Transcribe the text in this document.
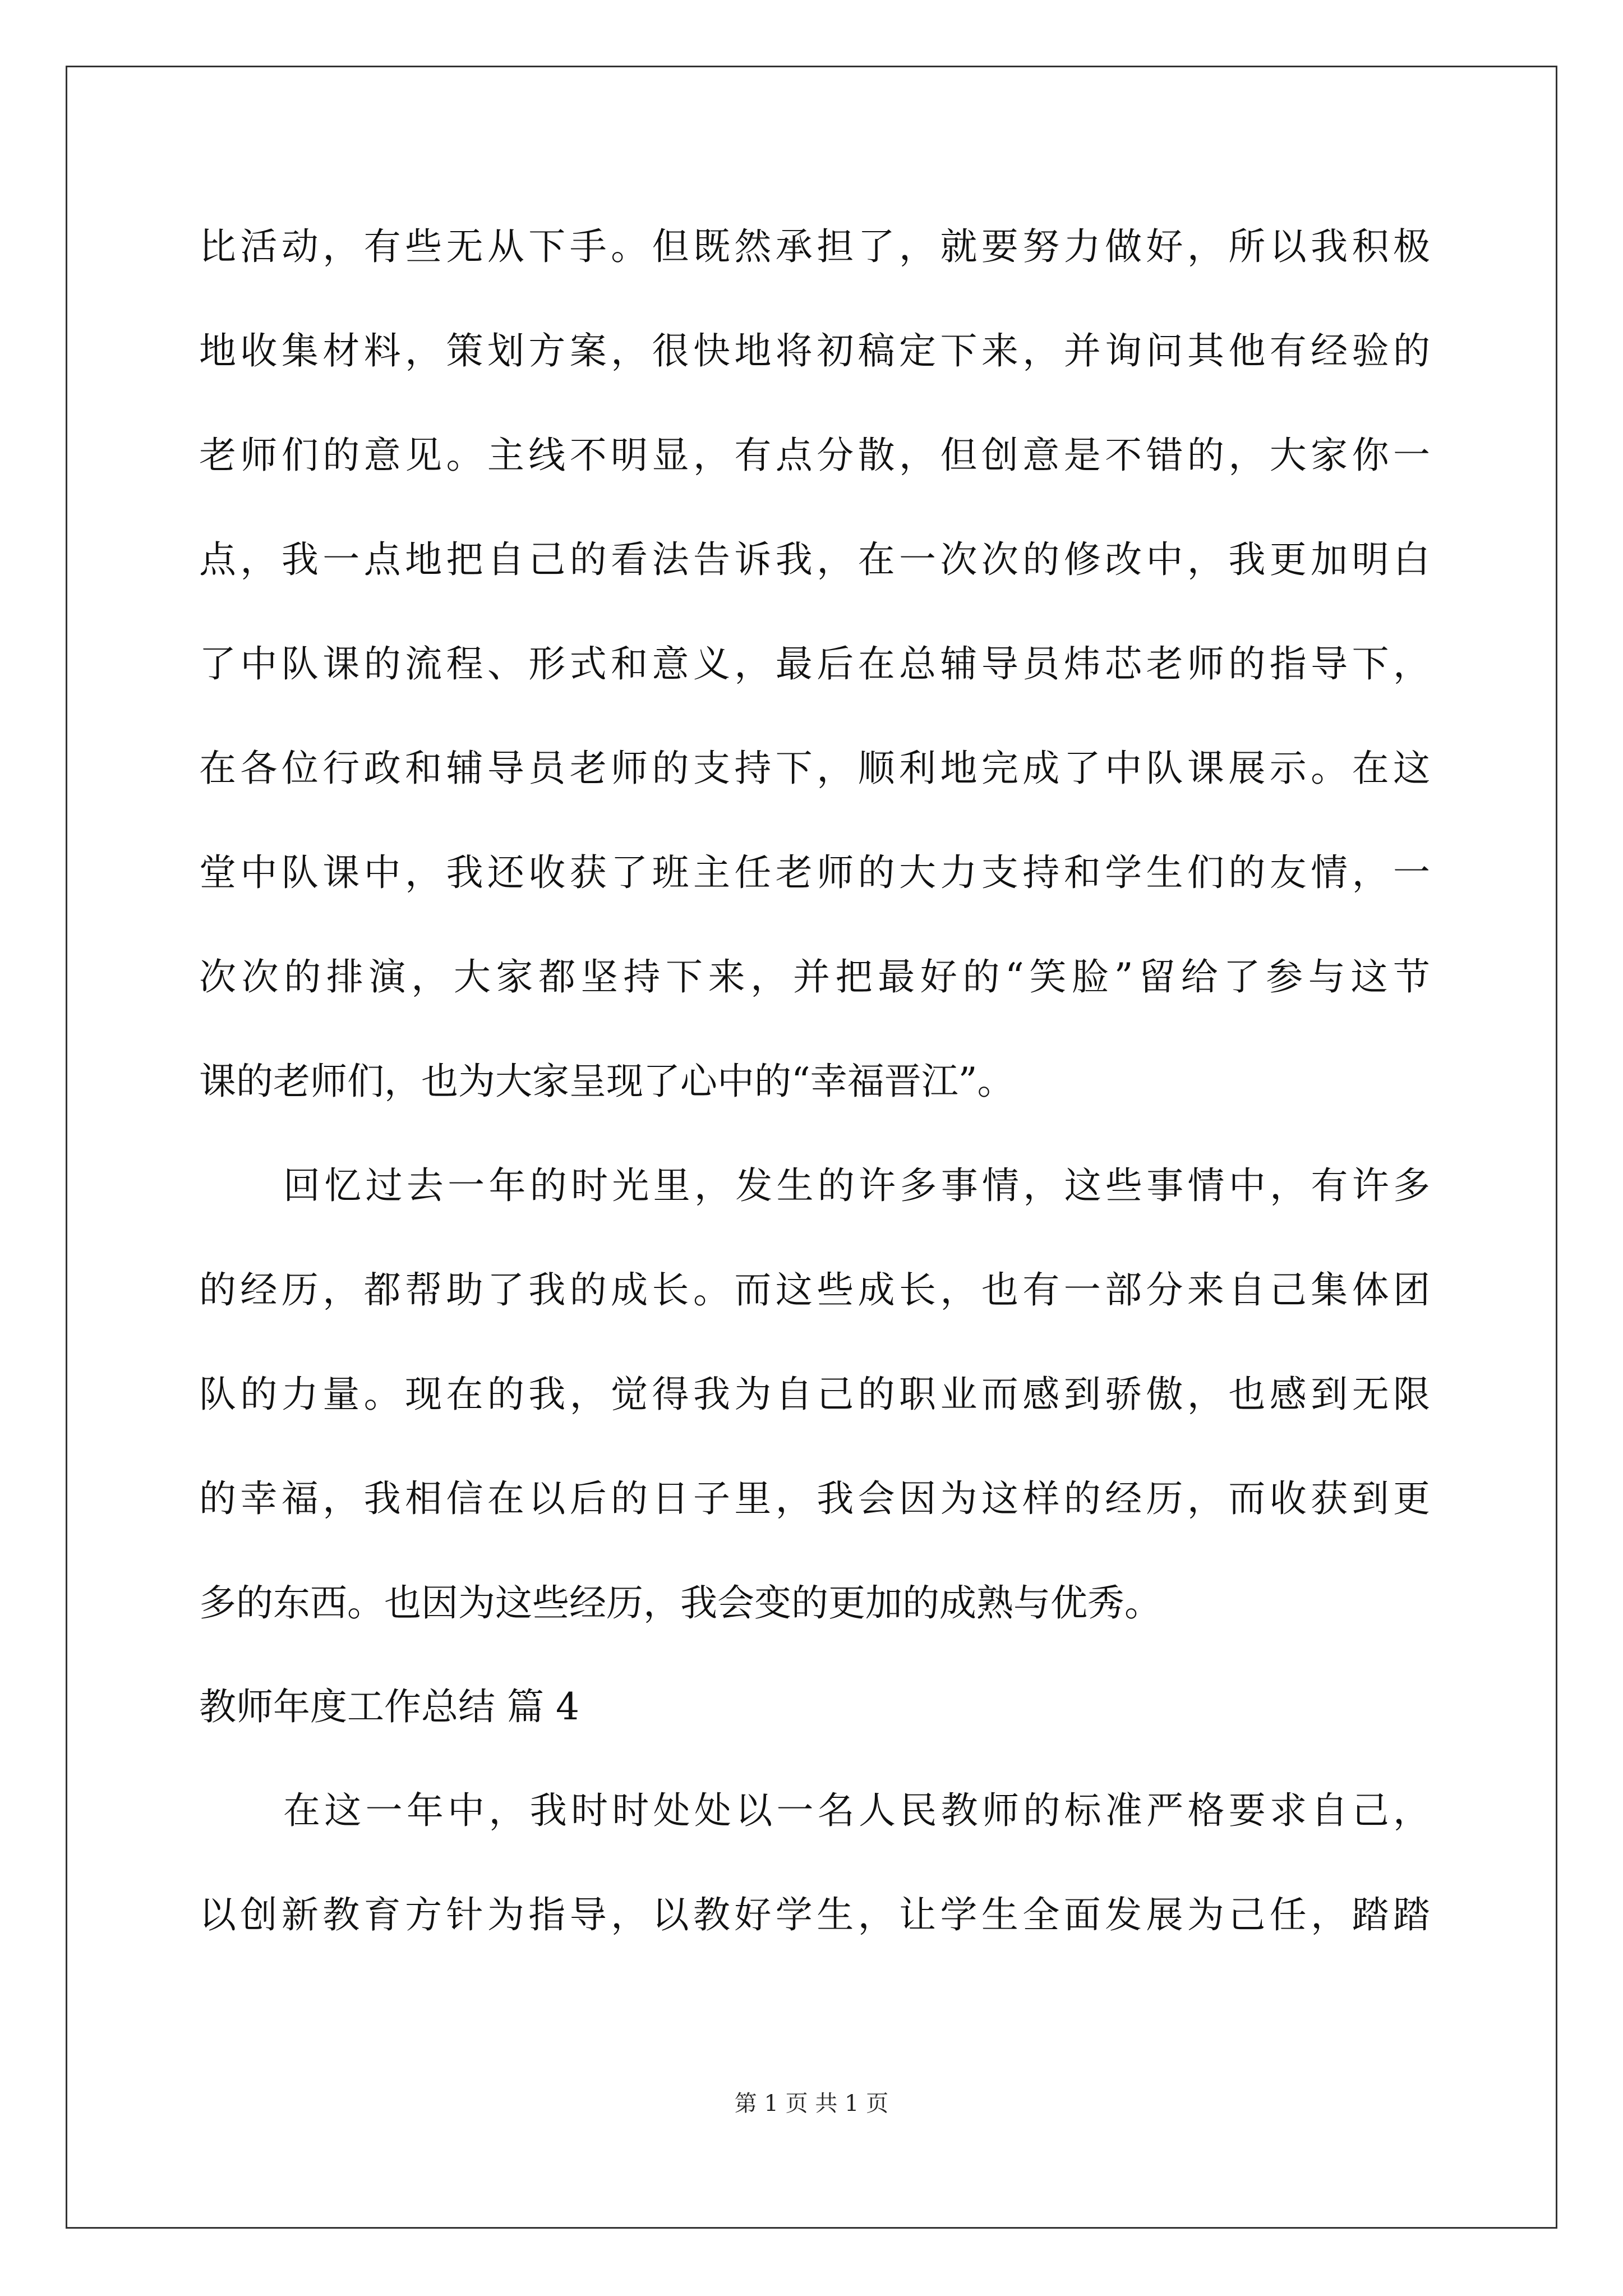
比活动，有些无从下手。但既然承担了，就要努力做好，所以我积极
地收集材料，策划方案，很快地将初稿定下来，并询问其他有经验的
老师们的意见。主线不明显，有点分散，但创意是不错的，大家你一
点，我一点地把自己的看法告诉我，在一次次的修改中，我更加明白
了中队课的流程、形式和意义，最后在总辅导员炜芯老师的指导下，
在各位行政和辅导员老师的支持下，顺利地完成了中队课展示。在这
堂中队课中，我还收获了班主任老师的大力支持和学生们的友情，一
次次的排演，大家都坚持下来，并把最好的“笑脸”留给了参与这节
课的老师们，也为大家呈现了心中的“幸福晋江”。
回忆过去一年的时光里，发生的许多事情，这些事情中，有许多
的经历，都帮助了我的成长。而这些成长，也有一部分来自己集体团
队的力量。现在的我，觉得我为自己的职业而感到骄傲，也感到无限
的幸福，我相信在以后的日子里，我会因为这样的经历，而收获到更
多的东西。也因为这些经历，我会变的更加的成熟与优秀。
教师年度工作总结 篇 4
在这一年中，我时时处处以一名人民教师的标准严格要求自己，
以创新教育方针为指导，以教好学生，让学生全面发展为己任，踏踏
第 1 页 共 1 页
